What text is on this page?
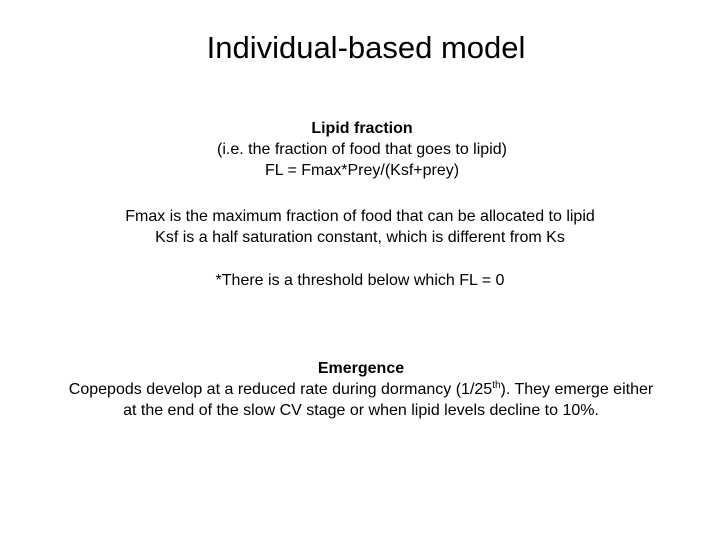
Individual-based model
Lipid fraction
(i.e. the fraction of food that goes to lipid)
FL = Fmax*Prey/(Ksf+prey)
Fmax is the maximum fraction of food that can be allocated to lipid
Ksf is a half saturation constant, which is different from Ks
*There is a threshold below which FL = 0
Emergence
Copepods develop at a reduced rate during dormancy (1/25th). They emerge either
at the end of the slow CV stage or when lipid levels decline to 10%.
